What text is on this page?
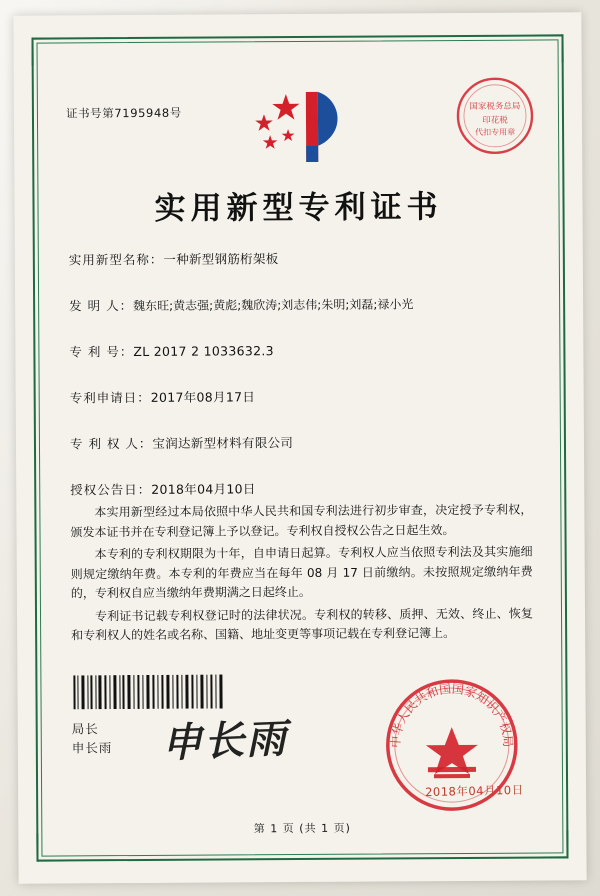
证书号第7195948号	国家税务总局
印花税
代扣专用章
实用新型专利证书
实用新型名称：一种新型钢筋桁架板
发 明 人：魏东旺;黄志强;黄彪;魏欣涛;刘志伟;朱明;刘磊;禄小光
专 利 号：ZL 2017 2 1033632.3
专利申请日：2017年08月17日
专 利 权 人：宝润达新型材料有限公司
授权公告日：2018年04月10日
本实用新型经过本局依照中华人民共和国专利法进行初步审查，决定授予专利权，颁发本证书并在专利登记簿上予以登记。专利权自授权公告之日起生效。
本专利的专利权期限为十年，自申请日起算。专利权人应当依照专利法及其实施细则规定缴纳年费。本专利的年费应当在每年 08 月 17 日前缴纳。未按照规定缴纳年费的，专利权自应当缴纳年费期满之日起终止。
专利证书记载专利权登记时的法律状况。专利权的转移、质押、无效、终止、恢复和专利权人的姓名或名称、国籍、地址变更等事项记载在专利登记簿上。
局长
申长雨 申长雨	中华人民共和国国家知识产权局
2018年04月10日
第 1 页 (共 1 页)
